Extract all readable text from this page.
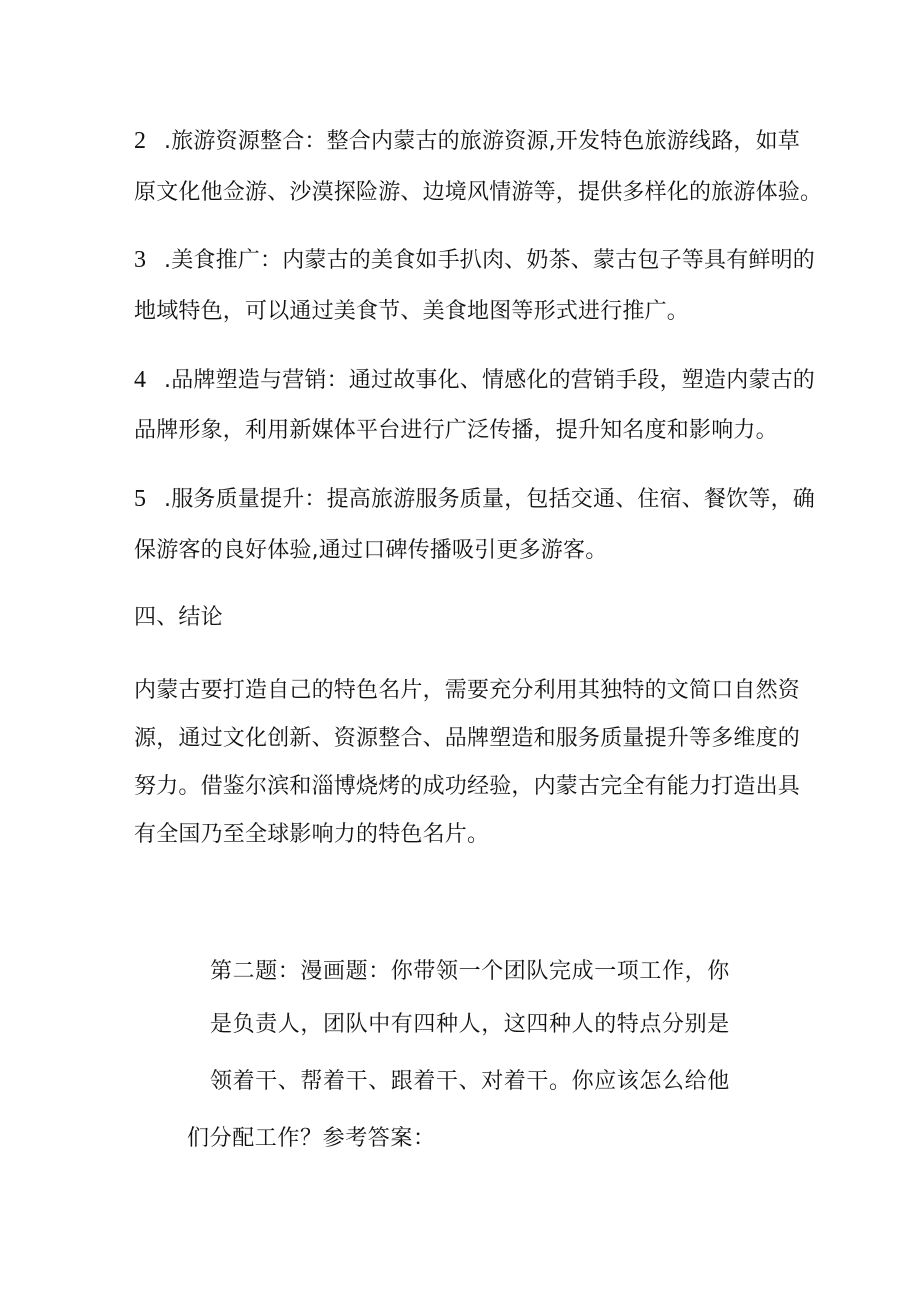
2 .旅游资源整合：整合内蒙古的旅游资源,开发特色旅游线路，如草
原文化他佥游、沙漠探险游、边境风情游等，提供多样化的旅游体验。
3 .美食推广：内蒙古的美食如手扒肉、奶茶、蒙古包子等具有鲜明的
地域特色，可以通过美食节、美食地图等形式进行推广。
4 .品牌塑造与营销：通过故事化、情感化的营销手段，塑造内蒙古的
品牌形象，利用新媒体平台进行广泛传播，提升知名度和影响力。
5 .服务质量提升：提高旅游服务质量，包括交通、住宿、餐饮等，确
保游客的良好体验,通过口碑传播吸引更多游客。
四、结论
内蒙古要打造自己的特色名片，需要充分利用其独特的文简口自然资
源，通过文化创新、资源整合、品牌塑造和服务质量提升等多维度的
努力。借鉴尔滨和淄博烧烤的成功经验，内蒙古完全有能力打造出具
有全国乃至全球影响力的特色名片。
第二题：漫画题：你带领一个团队完成一项工作，你
是负责人，团队中有四种人，这四种人的特点分别是
领着干、帮着干、跟着干、对着干。你应该怎么给他
们分配工作？参考答案：
